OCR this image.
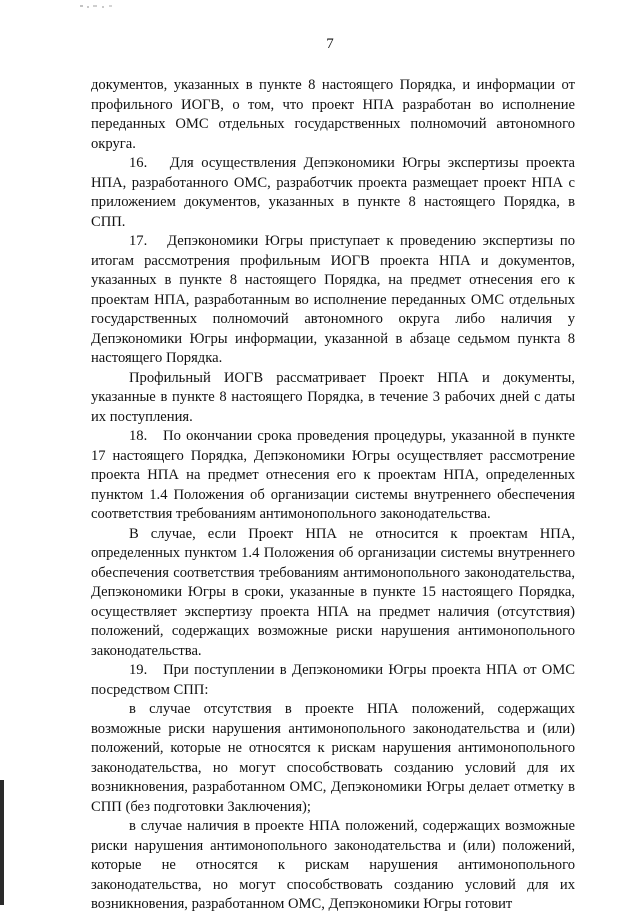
7

документов, указанных в пункте 8 настоящего Порядка, и информации от профильного ИОГВ, о том, что проект НПА разработан во исполнение переданных ОМС отдельных государственных полномочий автономного округа.

16.   Для осуществления Депэкономики Югры экспертизы проекта НПА, разработанного ОМС, разработчик проекта размещает проект НПА с приложением документов, указанных в пункте 8 настоящего Порядка, в СПП.

17.   Депэкономики Югры приступает к проведению экспертизы по итогам рассмотрения профильным ИОГВ проекта НПА и документов, указанных в пункте 8 настоящего Порядка, на предмет отнесения его к проектам НПА, разработанным во исполнение переданных ОМС отдельных государственных полномочий автономного округа либо наличия у Депэкономики Югры информации, указанной в абзаце седьмом пункта 8 настоящего Порядка.

Профильный ИОГВ рассматривает Проект НПА и документы, указанные в пункте 8 настоящего Порядка, в течение 3 рабочих дней с даты их поступления.

18.   По окончании срока проведения процедуры, указанной в пункте 17 настоящего Порядка, Депэкономики Югры осуществляет рассмотрение проекта НПА на предмет отнесения его к проектам НПА, определенных пунктом 1.4 Положения об организации системы внутреннего обеспечения соответствия требованиям антимонопольного законодательства.

В случае, если Проект НПА не относится к проектам НПА, определенных пунктом 1.4 Положения об организации системы внутреннего обеспечения соответствия требованиям антимонопольного законодательства, Депэкономики Югры в сроки, указанные в пункте 15 настоящего Порядка, осуществляет экспертизу проекта НПА на предмет наличия (отсутствия) положений, содержащих возможные риски нарушения антимонопольного законодательства.

19.   При поступлении в Депэкономики Югры проекта НПА от ОМС посредством СПП:

в случае отсутствия в проекте НПА положений, содержащих возможные риски нарушения антимонопольного законодательства и (или) положений, которые не относятся к рискам нарушения антимонопольного законодательства, но могут способствовать созданию условий для их возникновения, разработанном ОМС, Депэкономики Югры делает отметку в СПП (без подготовки Заключения);

в случае наличия в проекте НПА положений, содержащих возможные риски нарушения антимонопольного законодательства и (или) положений, которые не относятся к рискам нарушения антимонопольного законодательства, но могут способствовать созданию условий для их возникновения, разработанном ОМС, Депэкономики Югры готовит
